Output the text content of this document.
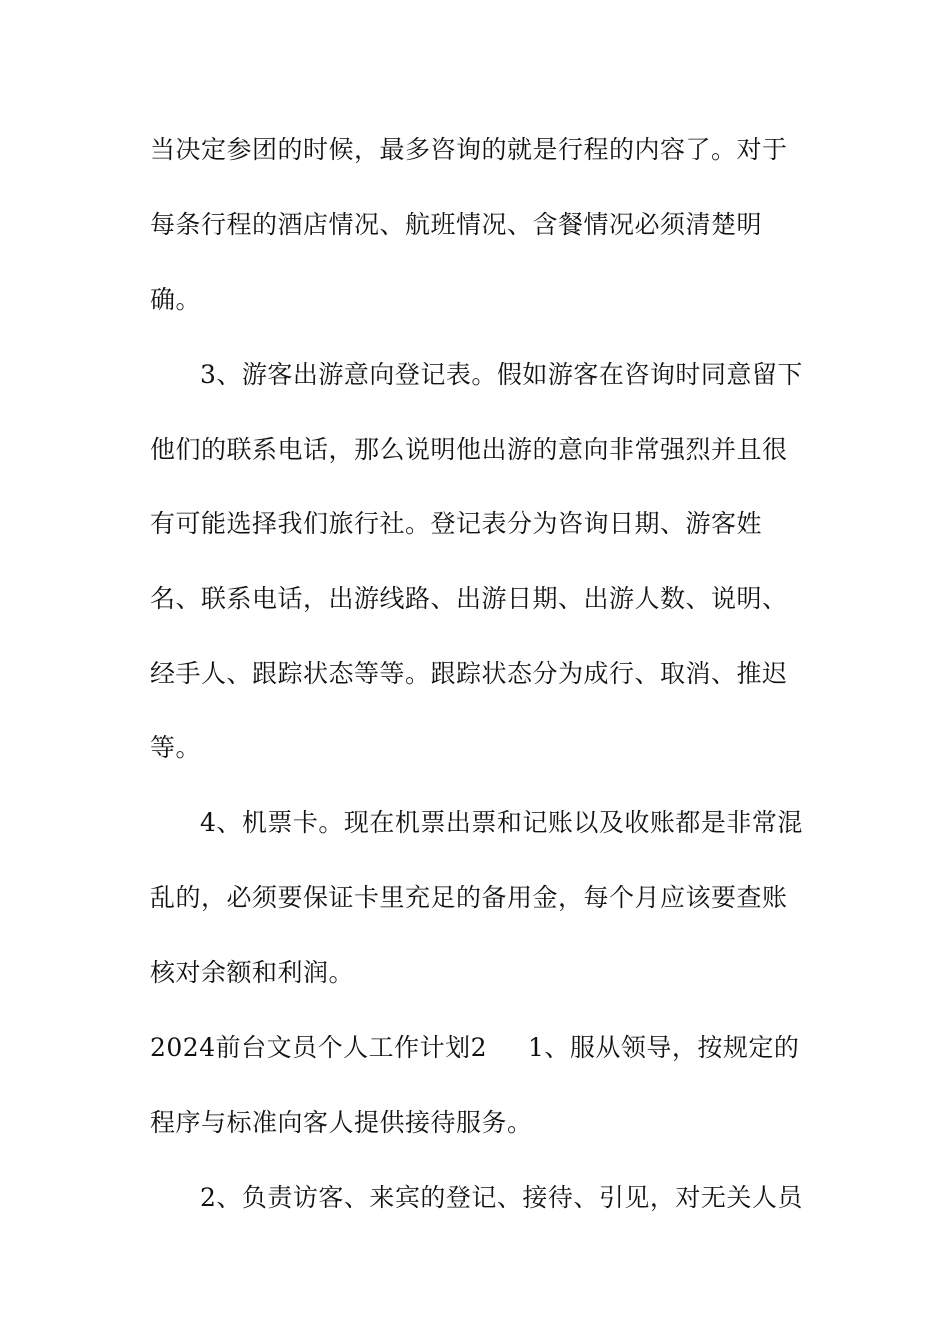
当决定参团的时候，最多咨询的就是行程的内容了。对于
每条行程的酒店情况、航班情况、含餐情况必须清楚明
确。
3、游客出游意向登记表。假如游客在咨询时同意留下
他们的联系电话，那么说明他出游的意向非常强烈并且很
有可能选择我们旅行社。登记表分为咨询日期、游客姓
名、联系电话，出游线路、出游日期、出游人数、说明、
经手人、跟踪状态等等。跟踪状态分为成行、取消、推迟
等。
4、机票卡。现在机票出票和记账以及收账都是非常混
乱的，必须要保证卡里充足的备用金，每个月应该要查账
核对余额和利润。
2024前台文员个人工作计划2 1、服从领导，按规定的
程序与标准向客人提供接待服务。
2、负责访客、来宾的登记、接待、引见，对无关人员
